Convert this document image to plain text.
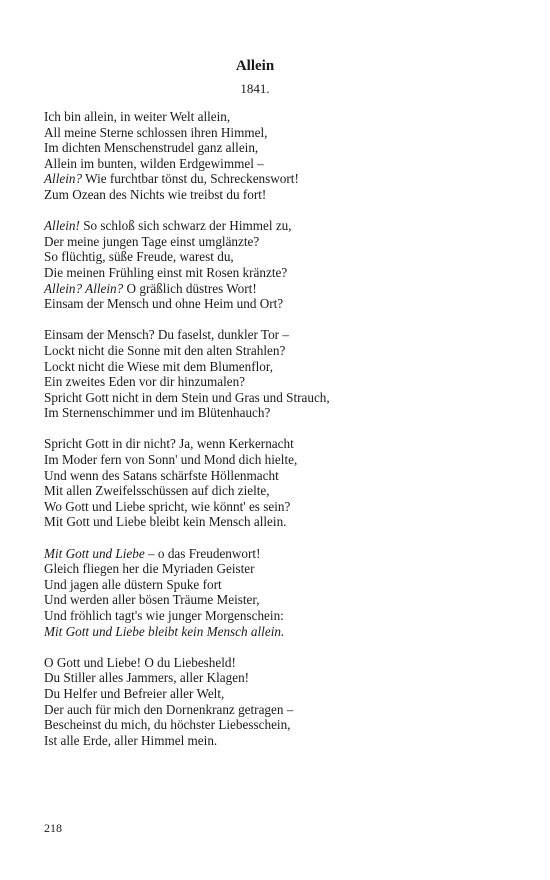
Allein
1841.
Ich bin allein, in weiter Welt allein,
All meine Sterne schlossen ihren Himmel,
Im dichten Menschenstrudel ganz allein,
Allein im bunten, wilden Erdgewimmel –
Allein? Wie furchtbar tönst du, Schreckenswort!
Zum Ozean des Nichts wie treibst du fort!
Allein! So schloß sich schwarz der Himmel zu,
Der meine jungen Tage einst umglänzte?
So flüchtig, süße Freude, warest du,
Die meinen Frühling einst mit Rosen kränzte?
Allein? Allein? O gräßlich düstres Wort!
Einsam der Mensch und ohne Heim und Ort?
Einsam der Mensch? Du faselst, dunkler Tor –
Lockt nicht die Sonne mit den alten Strahlen?
Lockt nicht die Wiese mit dem Blumenflor,
Ein zweites Eden vor dir hinzumalen?
Spricht Gott nicht in dem Stein und Gras und Strauch,
Im Sternenschimmer und im Blütenhauch?
Spricht Gott in dir nicht? Ja, wenn Kerkernacht
Im Moder fern von Sonn' und Mond dich hielte,
Und wenn des Satans schärfste Höllenmacht
Mit allen Zweifelsschüssen auf dich zielte,
Wo Gott und Liebe spricht, wie könnt' es sein?
Mit Gott und Liebe bleibt kein Mensch allein.
Mit Gott und Liebe – o das Freudenwort!
Gleich fliegen her die Myriaden Geister
Und jagen alle düstern Spuke fort
Und werden aller bösen Träume Meister,
Und fröhlich tagt's wie junger Morgenschein:
Mit Gott und Liebe bleibt kein Mensch allein.
O Gott und Liebe! O du Liebesheld!
Du Stiller alles Jammers, aller Klagen!
Du Helfer und Befreier aller Welt,
Der auch für mich den Dornenkranz getragen –
Bescheinst du mich, du höchster Liebesschein,
Ist alle Erde, aller Himmel mein.
218
